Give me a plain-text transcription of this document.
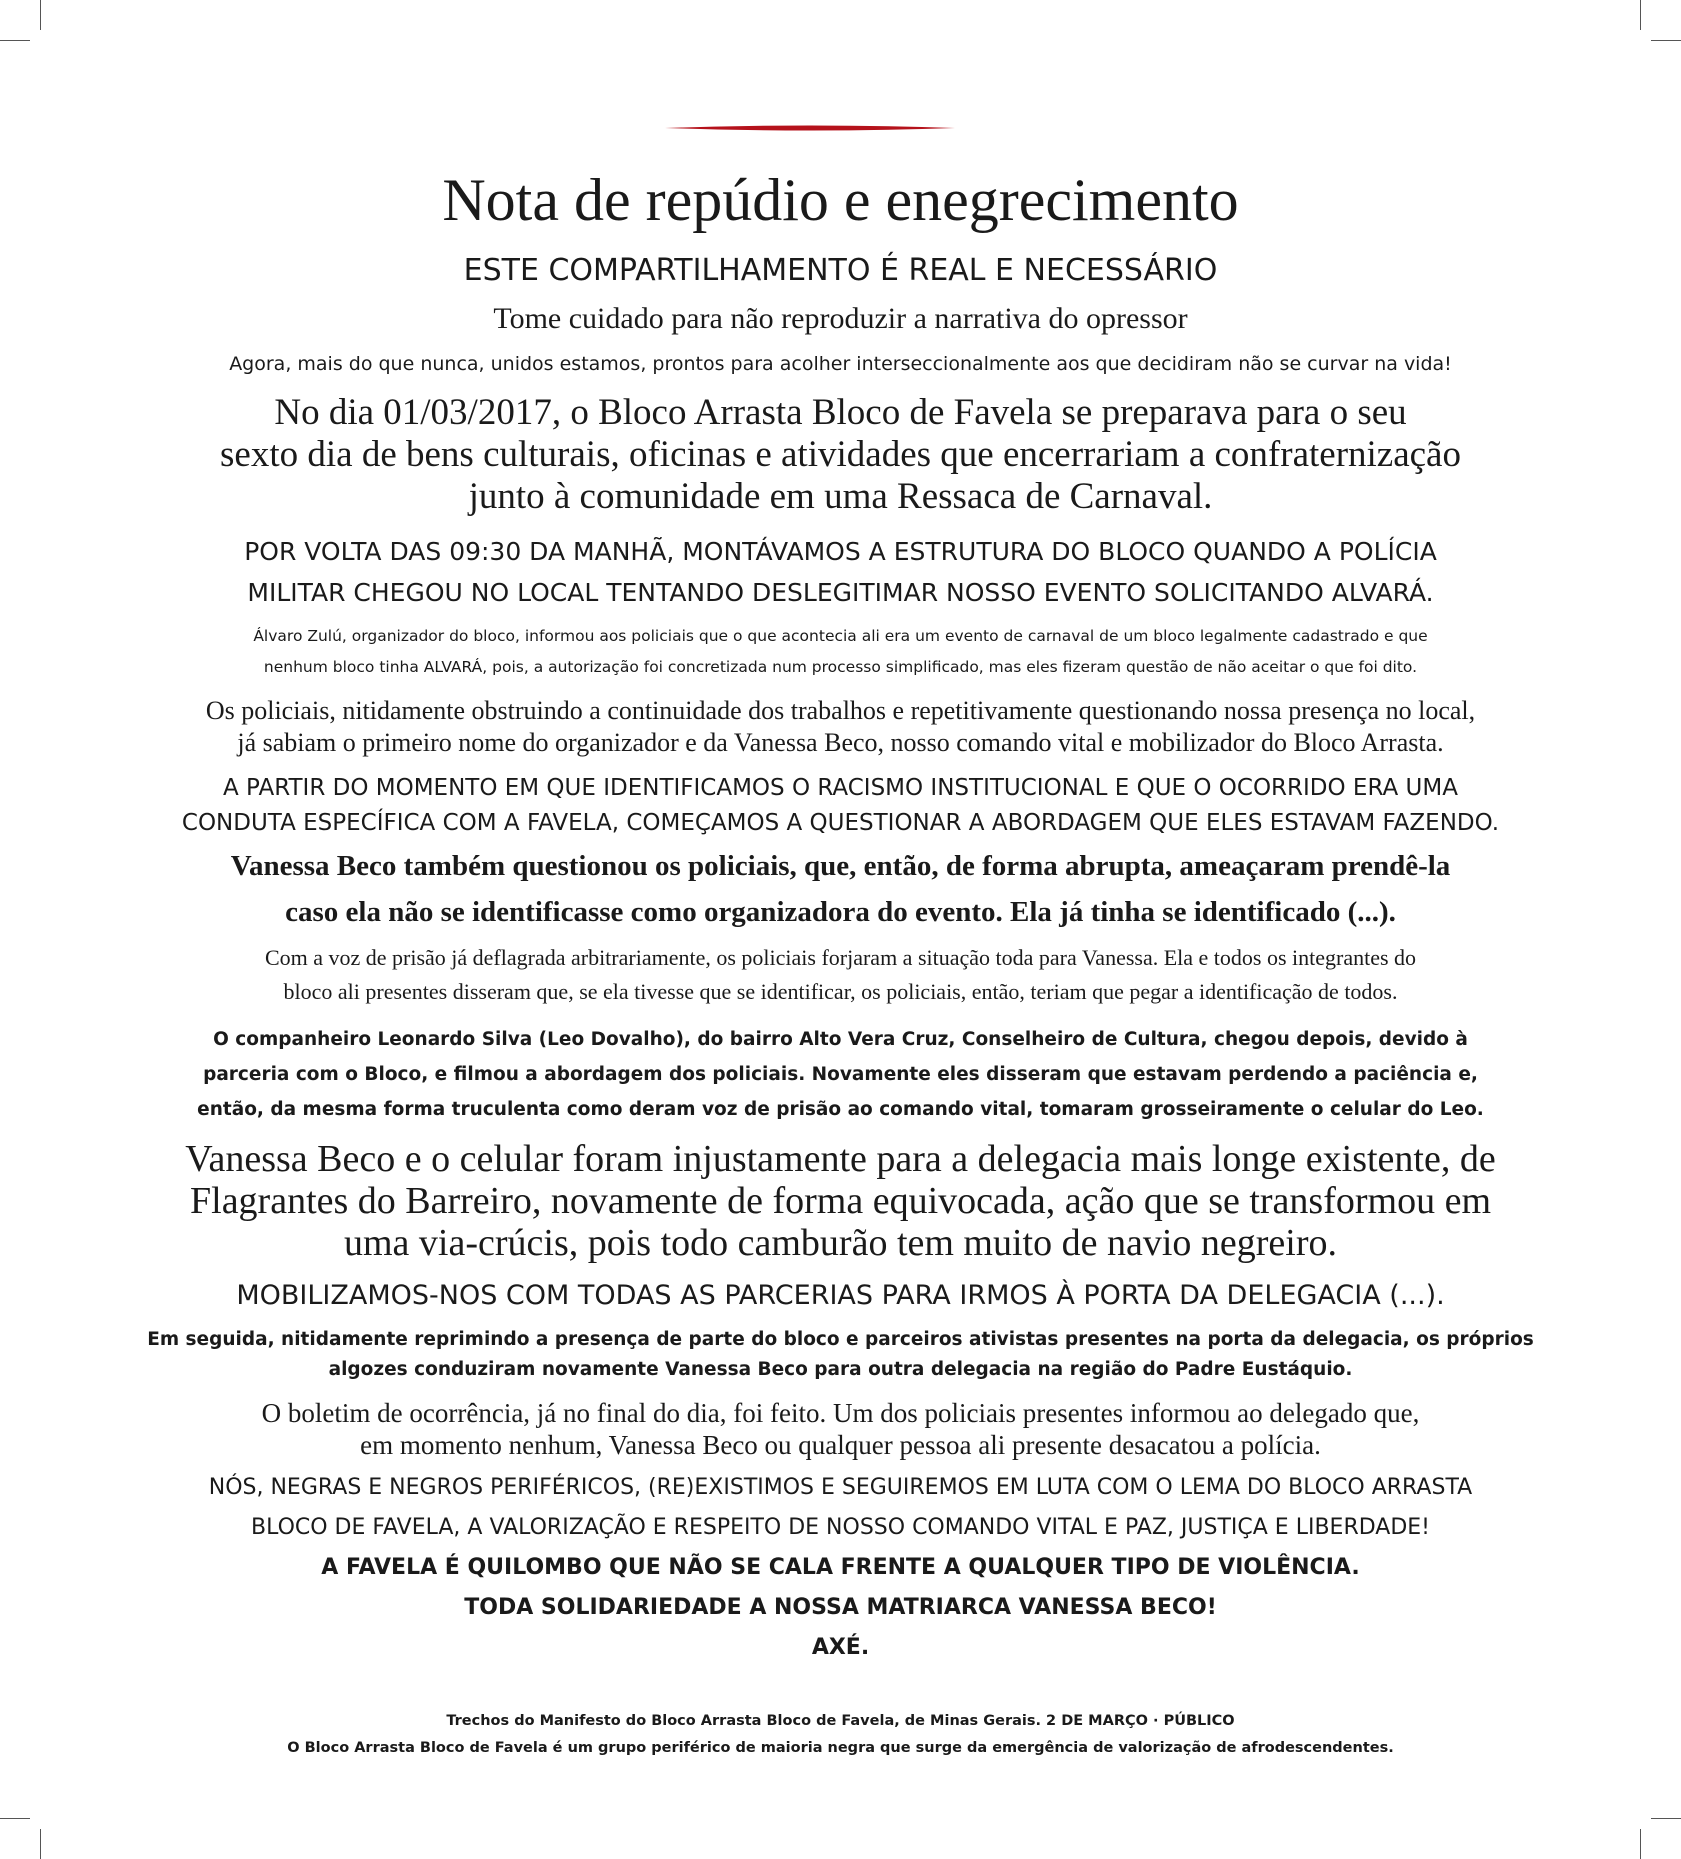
Nota de repúdio e enegrecimento
ESTE COMPARTILHAMENTO É REAL E NECESSÁRIO
Tome cuidado para não reproduzir a narrativa do opressor
Agora, mais do que nunca, unidos estamos, prontos para acolher interseccionalmente aos que decidiram não se curvar na vida!
No dia 01/03/2017, o Bloco Arrasta Bloco de Favela se preparava para o seu
sexto dia de bens culturais, oficinas e atividades que encerrariam a confraternização
junto à comunidade em uma Ressaca de Carnaval.
POR VOLTA DAS 09:30 DA MANHÃ, MONTÁVAMOS A ESTRUTURA DO BLOCO QUANDO A POLÍCIA
MILITAR CHEGOU NO LOCAL TENTANDO DESLEGITIMAR NOSSO EVENTO SOLICITANDO ALVARÁ.
Álvaro Zulú, organizador do bloco, informou aos policiais que o que acontecia ali era um evento de carnaval de um bloco legalmente cadastrado e que
nenhum bloco tinha ALVARÁ, pois, a autorização foi concretizada num processo simplificado, mas eles fizeram questão de não aceitar o que foi dito.
Os policiais, nitidamente obstruindo a continuidade dos trabalhos e repetitivamente questionando nossa presença no local,
já sabiam o primeiro nome do organizador e da Vanessa Beco, nosso comando vital e mobilizador do Bloco Arrasta.
A PARTIR DO MOMENTO EM QUE IDENTIFICAMOS O RACISMO INSTITUCIONAL E QUE O OCORRIDO ERA UMA
CONDUTA ESPECÍFICA COM A FAVELA, COMEÇAMOS A QUESTIONAR A ABORDAGEM QUE ELES ESTAVAM FAZENDO.
Vanessa Beco também questionou os policiais, que, então, de forma abrupta, ameaçaram prendê-la
caso ela não se identificasse como organizadora do evento. Ela já tinha se identificado (...).
Com a voz de prisão já deflagrada arbitrariamente, os policiais forjaram a situação toda para Vanessa. Ela e todos os integrantes do
bloco ali presentes disseram que, se ela tivesse que se identificar, os policiais, então, teriam que pegar a identificação de todos.
O companheiro Leonardo Silva (Leo Dovalho), do bairro Alto Vera Cruz, Conselheiro de Cultura, chegou depois, devido à
parceria com o Bloco, e filmou a abordagem dos policiais. Novamente eles disseram que estavam perdendo a paciência e,
então, da mesma forma truculenta como deram voz de prisão ao comando vital, tomaram grosseiramente o celular do Leo.
Vanessa Beco e o celular foram injustamente para a delegacia mais longe existente, de
Flagrantes do Barreiro, novamente de forma equivocada, ação que se transformou em
uma via-crúcis, pois todo camburão tem muito de navio negreiro.
MOBILIZAMOS-NOS COM TODAS AS PARCERIAS PARA IRMOS À PORTA DA DELEGACIA (...).
Em seguida, nitidamente reprimindo a presença de parte do bloco e parceiros ativistas presentes na porta da delegacia, os próprios
algozes conduziram novamente Vanessa Beco para outra delegacia na região do Padre Eustáquio.
O boletim de ocorrência, já no final do dia, foi feito. Um dos policiais presentes informou ao delegado que,
em momento nenhum, Vanessa Beco ou qualquer pessoa ali presente desacatou a polícia.
NÓS, NEGRAS E NEGROS PERIFÉRICOS, (RE)EXISTIMOS E SEGUIREMOS EM LUTA COM O LEMA DO BLOCO ARRASTA
BLOCO DE FAVELA, A VALORIZAÇÃO E RESPEITO DE NOSSO COMANDO VITAL E PAZ, JUSTIÇA E LIBERDADE!
A FAVELA É QUILOMBO QUE NÃO SE CALA FRENTE A QUALQUER TIPO DE VIOLÊNCIA.
TODA SOLIDARIEDADE A NOSSA MATRIARCA VANESSA BECO!
AXÉ.
Trechos do Manifesto do Bloco Arrasta Bloco de Favela, de Minas Gerais. 2 DE MARÇO · PÚBLICO
O Bloco Arrasta Bloco de Favela é um grupo periférico de maioria negra que surge da emergência de valorização de afrodescendentes.
